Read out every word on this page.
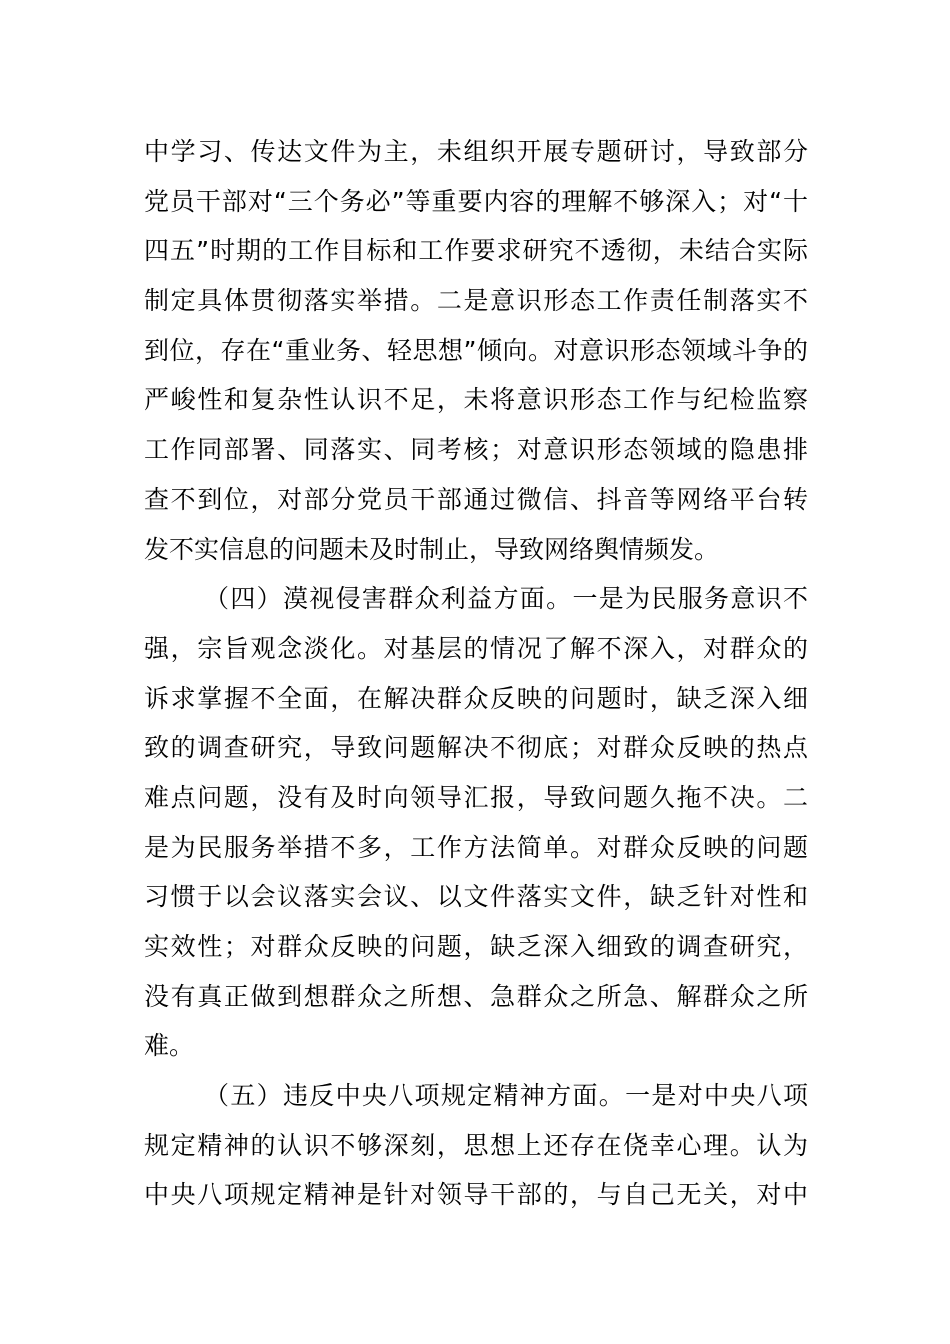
中学习、传达文件为主，未组织开展专题研讨，导致部分
党员干部对“三个务必”等重要内容的理解不够深入；对“十
四五”时期的工作目标和工作要求研究不透彻，未结合实际
制定具体贯彻落实举措。二是意识形态工作责任制落实不
到位，存在“重业务、轻思想”倾向。对意识形态领域斗争的
严峻性和复杂性认识不足，未将意识形态工作与纪检监察
工作同部署、同落实、同考核；对意识形态领域的隐患排
查不到位，对部分党员干部通过微信、抖音等网络平台转
发不实信息的问题未及时制止，导致网络舆情频发。
（四）漠视侵害群众利益方面。一是为民服务意识不
强，宗旨观念淡化。对基层的情况了解不深入，对群众的
诉求掌握不全面，在解决群众反映的问题时，缺乏深入细
致的调查研究，导致问题解决不彻底；对群众反映的热点
难点问题，没有及时向领导汇报，导致问题久拖不决。二
是为民服务举措不多，工作方法简单。对群众反映的问题
习惯于以会议落实会议、以文件落实文件，缺乏针对性和
实效性；对群众反映的问题，缺乏深入细致的调查研究，
没有真正做到想群众之所想、急群众之所急、解群众之所
难。
（五）违反中央八项规定精神方面。一是对中央八项
规定精神的认识不够深刻，思想上还存在侥幸心理。认为
中央八项规定精神是针对领导干部的，与自己无关，对中
